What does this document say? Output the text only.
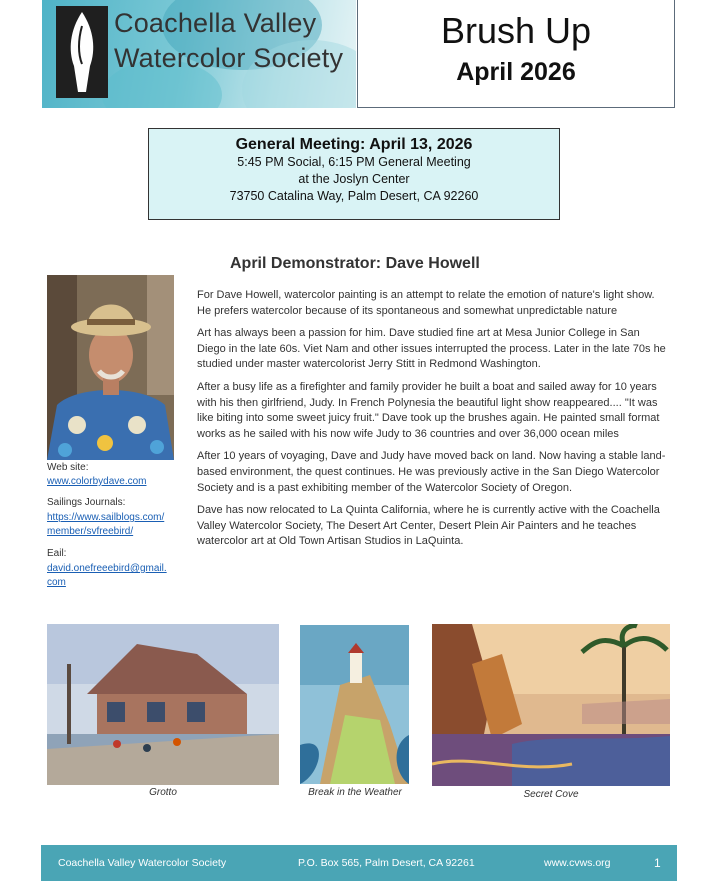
Coachella Valley
Watercolor Society
Brush Up
April 2026
General Meeting: April 13, 2026
5:45 PM Social, 6:15 PM General Meeting
at the Joslyn Center
73750 Catalina Way, Palm Desert, CA 92260
April Demonstrator: Dave Howell
Web site:
www.colorbydave.com
Sailings Journals:
https://www.sailblogs.com/
member/svfreebird/
Eail:
david.onefreeebird@gmail.
com

For Dave Howell, watercolor painting is an attempt to relate the emotion of nature's light show. He prefers watercolor because of its spontaneous and somewhat unpredictable nature

Art has always been a passion for him. Dave studied fine art at Mesa Junior College in San Diego in the late 60s. Viet Nam and other issues interrupted the process. Later in the late 70s he studied under master watercolorist Jerry Stitt in Redmond Washington.

After a busy life as a firefighter and family provider he built a boat and sailed away for 10 years with his then girlfriend, Judy. In French Polynesia the beautiful light show reappeared.... "It was like biting into some sweet juicy fruit." Dave took up the brushes again. He painted small format works as he sailed with his now wife Judy to 36 countries and over 36,000 ocean miles

After 10 years of voyaging, Dave and Judy have moved back on land. Now having a stable land-based environment, the quest continues. He was previously active in the San Diego Watercolor Society and is a past exhibiting member of the Watercolor Society of Oregon.

Dave has now relocated to La Quinta California, where he is currently active with the Coachella Valley Watercolor Society, The Desert Art Center, Desert Plein Air Painters and he teaches watercolor art at Old Town Artisan Studios in LaQuinta.

Grotto	Break in the Weather	Secret Cove
Coachella Valley Watercolor Society	P.O. Box 565, Palm Desert, CA 92261	www.cvws.org	1
